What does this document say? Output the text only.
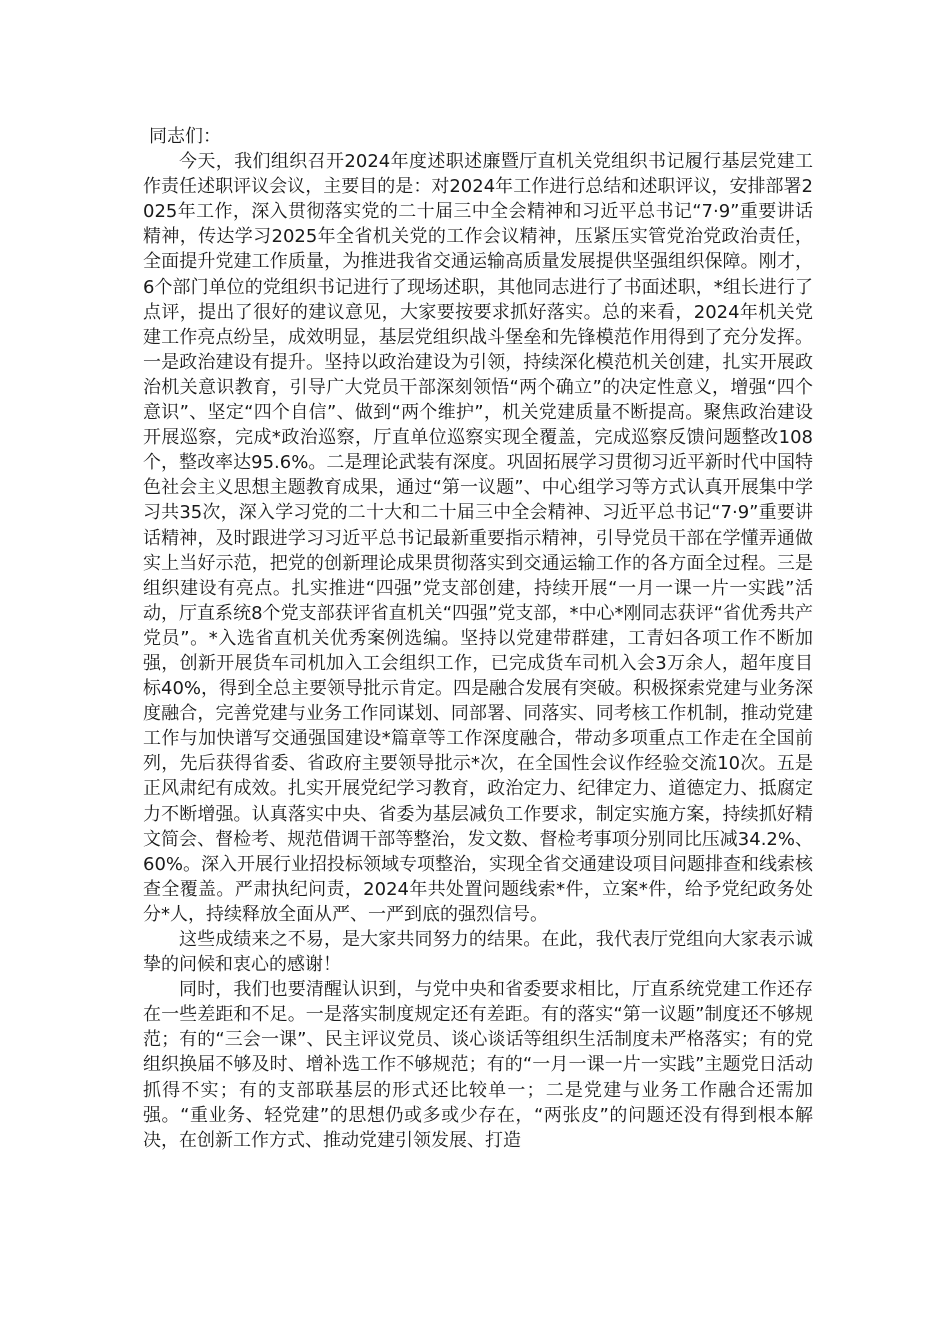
同志们：

今天，我们组织召开2024年度述职述廉暨厅直机关党组织书记履行基层党建工作责任述职评议会议，主要目的是：对2024年工作进行总结和述职评议，安排部署2025年工作，深入贯彻落实党的二十届三中全会精神和习近平总书记“7·9”重要讲话精神，传达学习2025年全省机关党的工作会议精神，压紧压实管党治党政治责任，全面提升党建工作质量，为推进我省交通运输高质量发展提供坚强组织保障。刚才，6个部门单位的党组织书记进行了现场述职，其他同志进行了书面述职，*组长进行了点评，提出了很好的建议意见，大家要按要求抓好落实。总的来看，2024年机关党建工作亮点纷呈，成效明显，基层党组织战斗堡垒和先锋模范作用得到了充分发挥。一是政治建设有提升。坚持以政治建设为引领，持续深化模范机关创建，扎实开展政治机关意识教育，引导广大党员干部深刻领悟“两个确立”的决定性意义，增强“四个意识”、坚定“四个自信”、做到“两个维护”，机关党建质量不断提高。聚焦政治建设开展巡察，完成*政治巡察，厅直单位巡察实现全覆盖，完成巡察反馈问题整改108个，整改率达95.6%。二是理论武装有深度。巩固拓展学习贯彻习近平新时代中国特色社会主义思想主题教育成果，通过“第一议题”、中心组学习等方式认真开展集中学习共35次，深入学习党的二十大和二十届三中全会精神、习近平总书记“7·9”重要讲话精神，及时跟进学习习近平总书记最新重要指示精神，引导党员干部在学懂弄通做实上当好示范，把党的创新理论成果贯彻落实到交通运输工作的各方面全过程。三是组织建设有亮点。扎实推进“四强”党支部创建，持续开展“一月一课一片一实践”活动，厅直系统8个党支部获评省直机关“四强”党支部，*中心*刚同志获评“省优秀共产党员”。*入选省直机关优秀案例选编。坚持以党建带群建，工青妇各项工作不断加强，创新开展货车司机加入工会组织工作，已完成货车司机入会3万余人，超年度目标40%，得到全总主要领导批示肯定。四是融合发展有突破。积极探索党建与业务深度融合，完善党建与业务工作同谋划、同部署、同落实、同考核工作机制，推动党建工作与加快谱写交通强国建设*篇章等工作深度融合，带动多项重点工作走在全国前列，先后获得省委、省政府主要领导批示*次，在全国性会议作经验交流10次。五是正风肃纪有成效。扎实开展党纪学习教育，政治定力、纪律定力、道德定力、抵腐定力不断增强。认真落实中央、省委为基层减负工作要求，制定实施方案，持续抓好精文简会、督检考、规范借调干部等整治，发文数、督检考事项分别同比压减34.2%、60%。深入开展行业招投标领域专项整治，实现全省交通建设项目问题排查和线索核查全覆盖。严肃执纪问责，2024年共处置问题线索*件，立案*件，给予党纪政务处分*人，持续释放全面从严、一严到底的强烈信号。

这些成绩来之不易，是大家共同努力的结果。在此，我代表厅党组向大家表示诚挚的问候和衷心的感谢！

同时，我们也要清醒认识到，与党中央和省委要求相比，厅直系统党建工作还存在一些差距和不足。一是落实制度规定还有差距。有的落实“第一议题”制度还不够规范；有的“三会一课”、民主评议党员、谈心谈话等组织生活制度未严格落实；有的党组织换届不够及时、增补选工作不够规范；有的“一月一课一片一实践”主题党日活动抓得不实；有的支部联基层的形式还比较单一；二是党建与业务工作融合还需加强。“重业务、轻党建”的思想仍或多或少存在，“两张皮”的问题还没有得到根本解决，在创新工作方式、推动党建引领发展、打造
